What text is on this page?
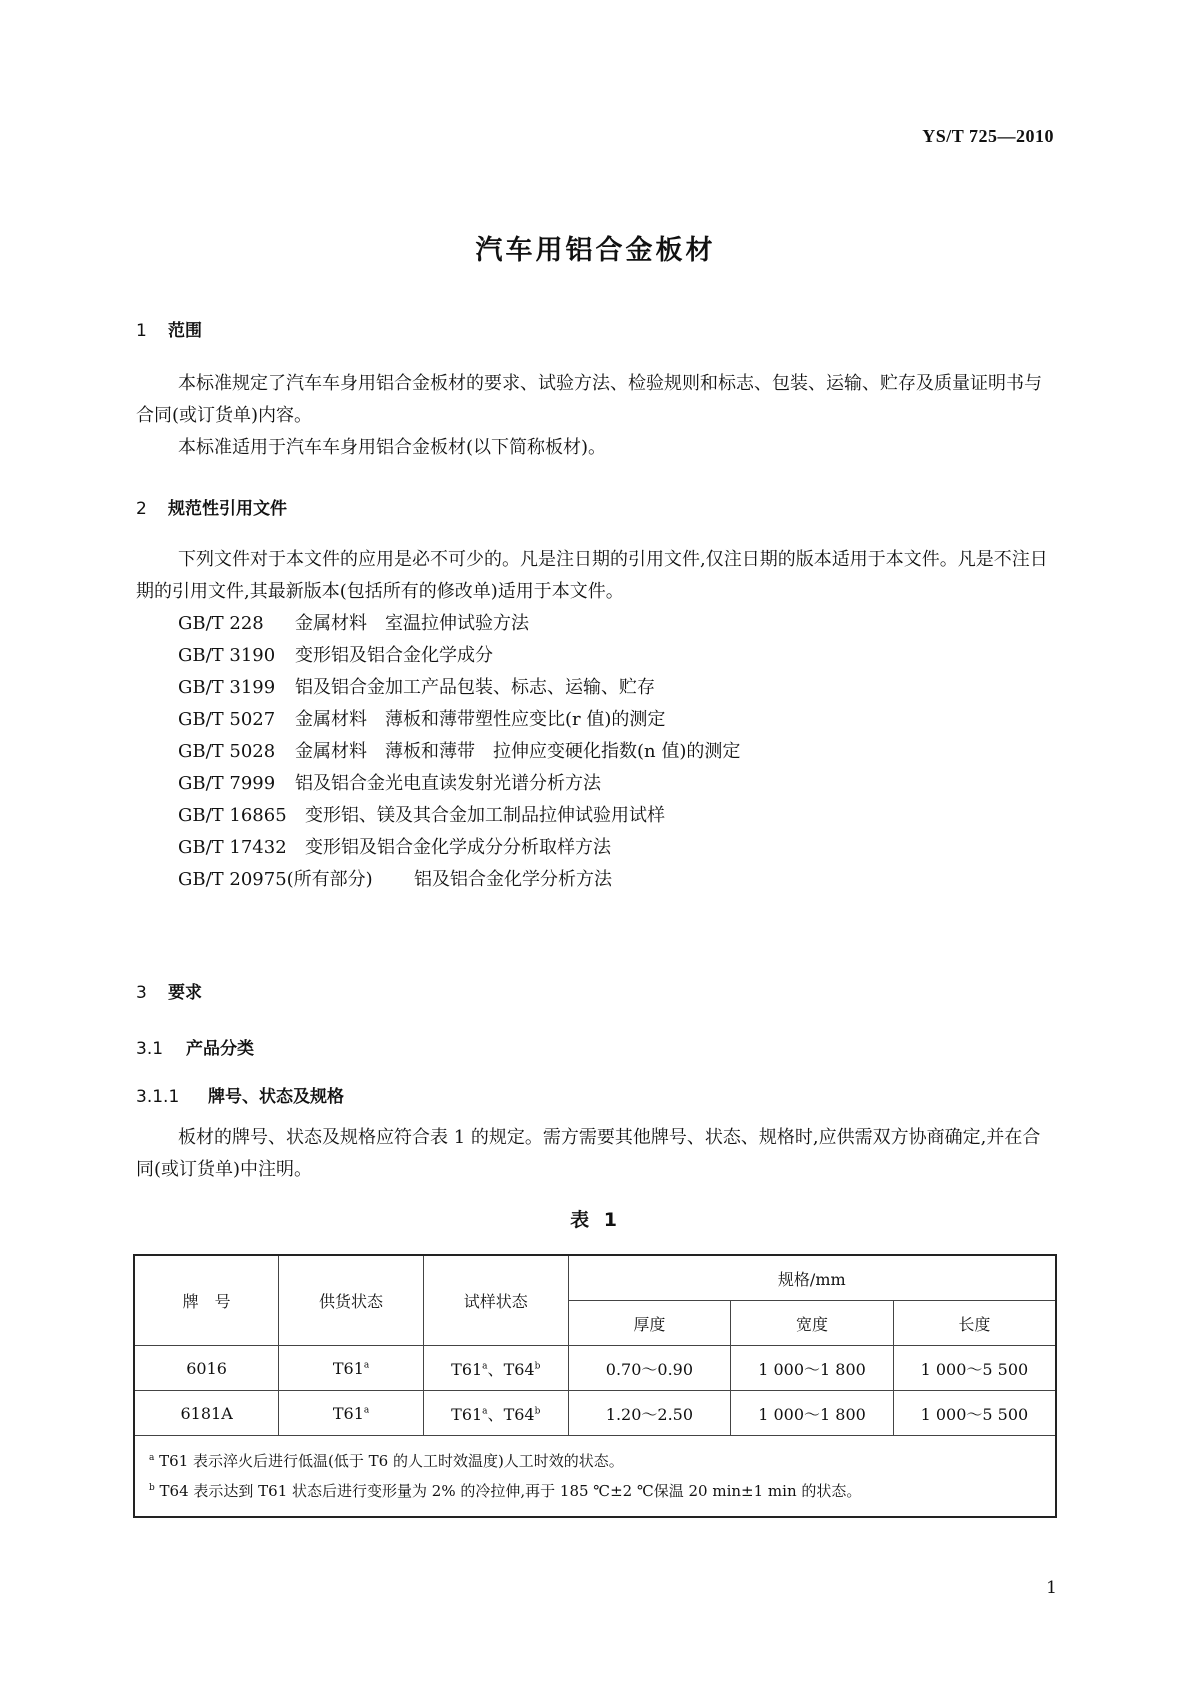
YS/T 725—2010
汽车用铝合金板材
1 范围

本标准规定了汽车车身用铝合金板材的要求、试验方法、检验规则和标志、包装、运输、贮存及质量证明书与合同(或订货单)内容。

本标准适用于汽车车身用铝合金板材(以下简称板材)。

2 规范性引用文件

下列文件对于本文件的应用是必不可少的。凡是注日期的引用文件,仅注日期的版本适用于本文件。凡是不注日期的引用文件,其最新版本(包括所有的修改单)适用于本文件。

GB/T 228 金属材料　室温拉伸试验方法
GB/T 3190 变形铝及铝合金化学成分
GB/T 3199 铝及铝合金加工产品包装、标志、运输、贮存
GB/T 5027 金属材料　薄板和薄带塑性应变比(r 值)的测定
GB/T 5028 金属材料　薄板和薄带　拉伸应变硬化指数(n 值)的测定
GB/T 7999 铝及铝合金光电直读发射光谱分析方法
GB/T 16865 变形铝、镁及其合金加工制品拉伸试验用试样
GB/T 17432 变形铝及铝合金化学成分分析取样方法
GB/T 20975(所有部分) 铝及铝合金化学分析方法
3 要求
3.1 产品分类
3.1.1 牌号、状态及规格

板材的牌号、状态及规格应符合表 1 的规定。需方需要其他牌号、状态、规格时,应供需双方协商确定,并在合同(或订货单)中注明。

表 1
牌　号	供货状态	试样状态	规格/mm		
			厚度	宽度	长度
6016	T61$^a$	T61$^a$、T64$^b$	0.70～0.90	1 000～1 800	1 000～5 500
6181A	T61$^a$	T61$^a$、T64$^b$	1.20～2.50	1 000～1 800	1 000～5 500

$^a$ T61 表示淬火后进行低温(低于 T6 的人工时效温度)人工时效的状态。
$^b$ T64 表示达到 T61 状态后进行变形量为 2% 的冷拉伸,再于 185 ℃±2 ℃保温 20 min±1 min 的状态。					
1
